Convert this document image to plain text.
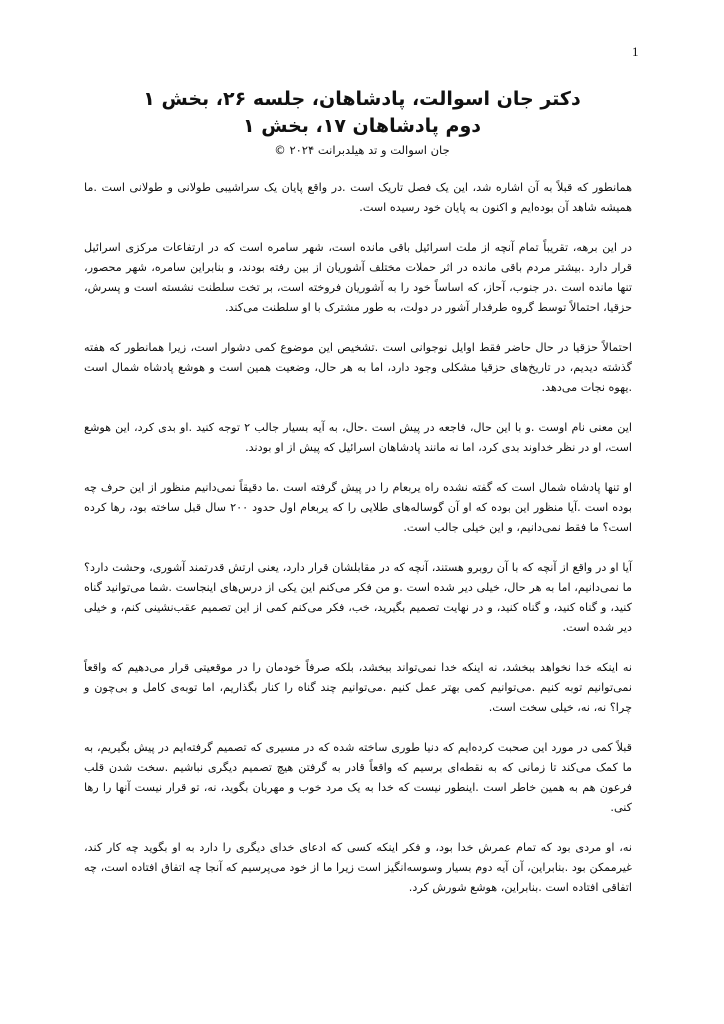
1
دکتر جان اسوالت، پادشاهان، جلسه ۲۶، بخش ۱
دوم پادشاهان ۱۷، بخش ۱
جان اسوالت و تد هیلدبرانت ۲۰۲۴ ©

همانطور که قبلاً به آن اشاره شد، این یک فصل تاریک است .در واقع پایان یک سراشیبی طولانی و طولانی است .ما همیشه شاهد آن بوده‌ایم و اکنون به پایان خود رسیده است.

در این برهه، تقریباً تمام آنچه از ملت اسرائیل باقی مانده است، شهر سامره است که در ارتفاعات مرکزی اسرائیل قرار دارد .بیشتر مردم باقی مانده در اثر حملات مختلف آشوریان از بین رفته بودند، و بنابراین سامره، شهر محصور، تنها مانده است .در جنوب، آحاز، که اساساً خود را به آشوریان فروخته است، بر تخت سلطنت نشسته است و پسرش، حزقیا، احتمالاً توسط گروه طرفدار آشور در دولت، به طور مشترک با او سلطنت می‌کند.

احتمالاً حزقیا در حال حاضر فقط اوایل نوجوانی است .تشخیص این موضوع کمی دشوار است، زیرا همانطور که هفته گذشته دیدیم، در تاریخ‌های حزقیا مشکلی وجود دارد، اما به هر حال، وضعیت همین است و هوشع پادشاه شمال است .یهوه نجات می‌دهد.

این معنی نام اوست .و با این حال، فاجعه در پیش است .حال، به آیه بسیار جالب ۲ توجه کنید .او بدی کرد، این هوشع است، او در نظر خداوند بدی کرد، اما نه مانند پادشاهان اسرائیل که پیش از او بودند.

او تنها پادشاه شمال است که گفته نشده راه یربعام را در پیش گرفته است .ما دقیقاً نمی‌دانیم منظور از این حرف چه بوده است .آیا منظور این بوده که او آن گوساله‌های طلایی را که یربعام اول حدود ۲۰۰ سال قبل ساخته بود، رها کرده است؟ ما فقط نمی‌دانیم، و این خیلی جالب است.

آیا او در واقع از آنچه که با آن روبرو هستند، آنچه که در مقابلشان قرار دارد، یعنی ارتش قدرتمند آشوری، وحشت دارد؟ ما نمی‌دانیم، اما به هر حال، خیلی دیر شده است .و من فکر می‌کنم این یکی از درس‌های اینجاست .شما می‌توانید گناه کنید، و گناه کنید، و گناه کنید، و در نهایت تصمیم بگیرید، خب، فکر می‌کنم کمی از این تصمیم عقب‌نشینی کنم، و خیلی دیر شده است.

نه اینکه خدا نخواهد ببخشد، نه اینکه خدا نمی‌تواند ببخشد، بلکه صرفاً خودمان را در موقعیتی قرار می‌دهیم که واقعاً نمی‌توانیم توبه کنیم .می‌توانیم کمی بهتر عمل کنیم .می‌توانیم چند گناه را کنار بگذاریم، اما توبه‌ی کامل و بی‌چون و چرا؟ نه، نه، خیلی سخت است.

قبلاً کمی در مورد این صحبت کرده‌ایم که دنیا طوری ساخته شده که در مسیری که تصمیم گرفته‌ایم در پیش بگیریم، به ما کمک می‌کند تا زمانی که به نقطه‌ای برسیم که واقعاً قادر به گرفتن هیچ تصمیم دیگری نباشیم .سخت شدن قلب فرعون هم به همین خاطر است .اینطور نیست که خدا به یک مرد خوب و مهربان بگوید، نه، تو قرار نیست آنها را رها کنی.

نه، او مردی بود که تمام عمرش خدا بود، و فکر اینکه کسی که ادعای خدای دیگری را دارد به او بگوید چه کار کند، غیرممکن بود .بنابراین، آن آیه دوم بسیار وسوسه‌انگیز است زیرا ما از خود می‌پرسیم که آنجا چه اتفاق افتاده است، چه اتفاقی افتاده است .بنابراین، هوشع شورش کرد.
